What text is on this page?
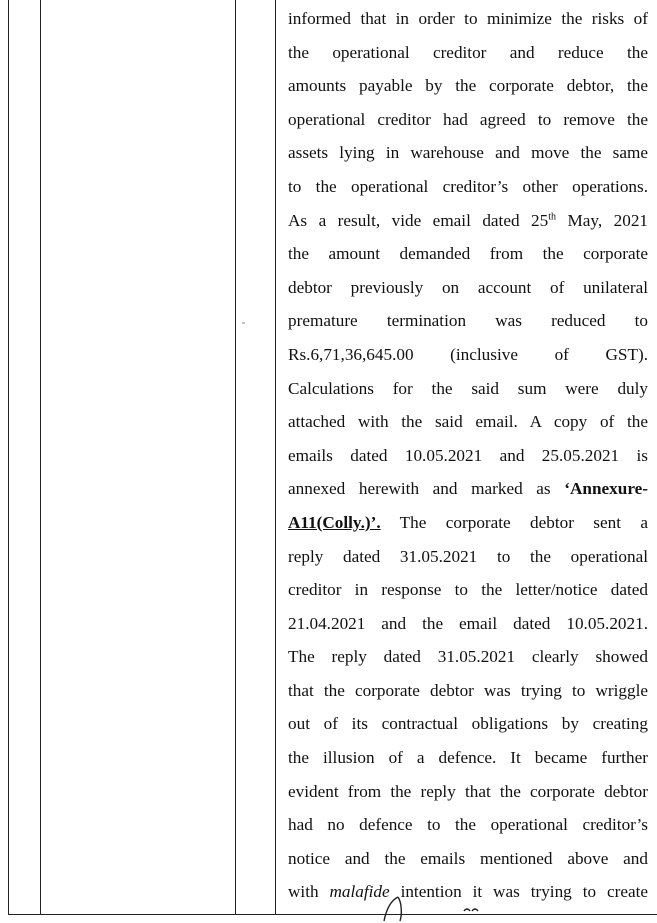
informed that in order to minimize the risks of
the operational creditor and reduce the
amounts payable by the corporate debtor, the
operational creditor had agreed to remove the
assets lying in warehouse and move the same
to the operational creditor’s other operations.
As a result, vide email dated 25th May, 2021
the amount demanded from the corporate
debtor previously on account of unilateral
premature termination was reduced to
Rs.6,71,36,645.00 (inclusive of GST).
Calculations for the said sum were duly
attached with the said email. A copy of the
emails dated 10.05.2021 and 25.05.2021 is
annexed herewith and marked as ‘Annexure-
A11(Colly.)’. The corporate debtor sent a
reply dated 31.05.2021 to the operational
creditor in response to the letter/notice dated
21.04.2021 and the email dated 10.05.2021.
The reply dated 31.05.2021 clearly showed
that the corporate debtor was trying to wriggle
out of its contractual obligations by creating
the illusion of a defence. It became further
evident from the reply that the corporate debtor
had no defence to the operational creditor’s
notice and the emails mentioned above and
with malafide intention it was trying to create
